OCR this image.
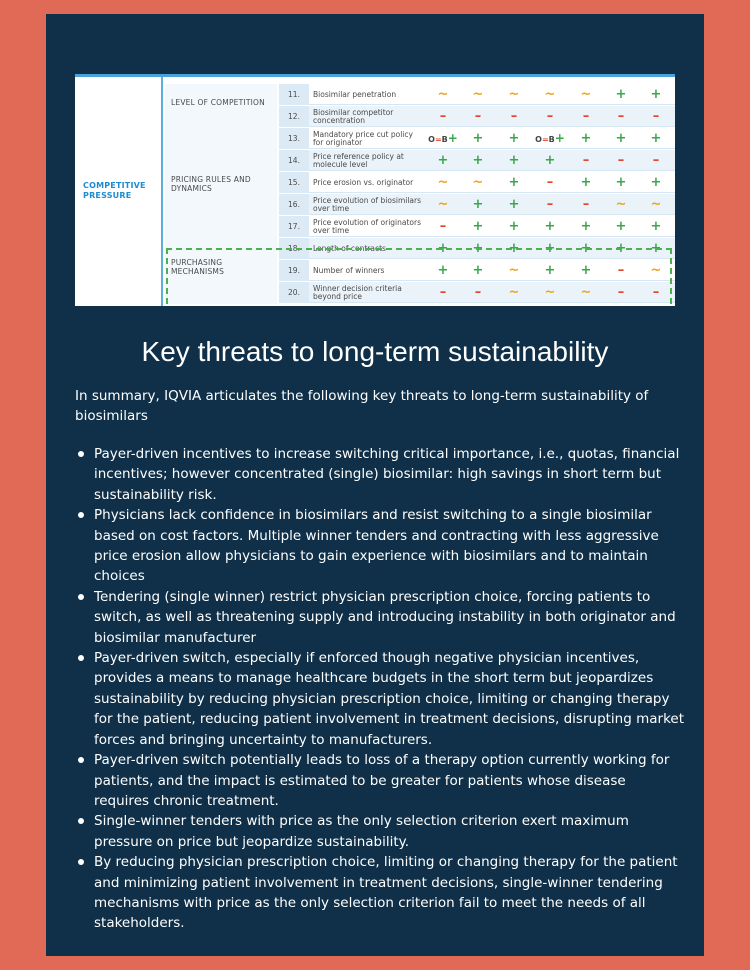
COMPETITIVE PRESSURE
LEVEL OF COMPETITION
PRICING RULES AND DYNAMICS
PURCHASING MECHANISMS
11.	Biosimilar penetration	~	~	~	~	~	+	+
12.	Biosimilar competitor concentration	–	–	–	–	–	–	–
13.	Mandatory price cut policy for originator	O=B+	+	+	O=B+	+	+	+
14.	Price reference policy at molecule level	+	+	+	+	–	–	–
15.	Price erosion vs. originator	~	~	+	–	+	+	+
16.	Price evolution of biosimilars over time	~	+	+	–	–	~	~
17.	Price evolution of originators over time	–	+	+	+	+	+	+
18.	Length of contracts	+	+	+	+	+	+	+
19.	Number of winners	+	+	~	+	+	–	~
20.	Winner decision criteria beyond price	–	–	~	~	~	–	–
Key threats to long-term sustainability
In summary, IQVIA articulates the following key threats to long-term sustainability of biosimilars
Payer-driven incentives to increase switching critical importance, i.e., quotas, financial incentives; however concentrated (single) biosimilar: high savings in short term but sustainability risk.
Physicians lack confidence in biosimilars and resist switching to a single biosimilar based on cost factors. Multiple winner tenders and contracting with less aggressive price erosion allow physicians to gain experience with biosimilars and to maintain choices
Tendering (single winner) restrict physician prescription choice, forcing patients to switch, as well as threatening supply and introducing instability in both originator and biosimilar manufacturer
Payer-driven switch, especially if enforced though negative physician incentives, provides a means to manage healthcare budgets in the short term but jeopardizes sustainability by reducing physician prescription choice, limiting or changing therapy for the patient, reducing patient involvement in treatment decisions, disrupting market forces and bringing uncertainty to manufacturers.
Payer-driven switch potentially leads to loss of a therapy option currently working for patients, and the impact is estimated to be greater for patients whose disease requires chronic treatment.
Single-winner tenders with price as the only selection criterion exert maximum pressure on price but jeopardize sustainability.
By reducing physician prescription choice, limiting or changing therapy for the patient and minimizing patient involvement in treatment decisions, single-winner tendering mechanisms with price as the only selection criterion fail to meet the needs of all stakeholders.
